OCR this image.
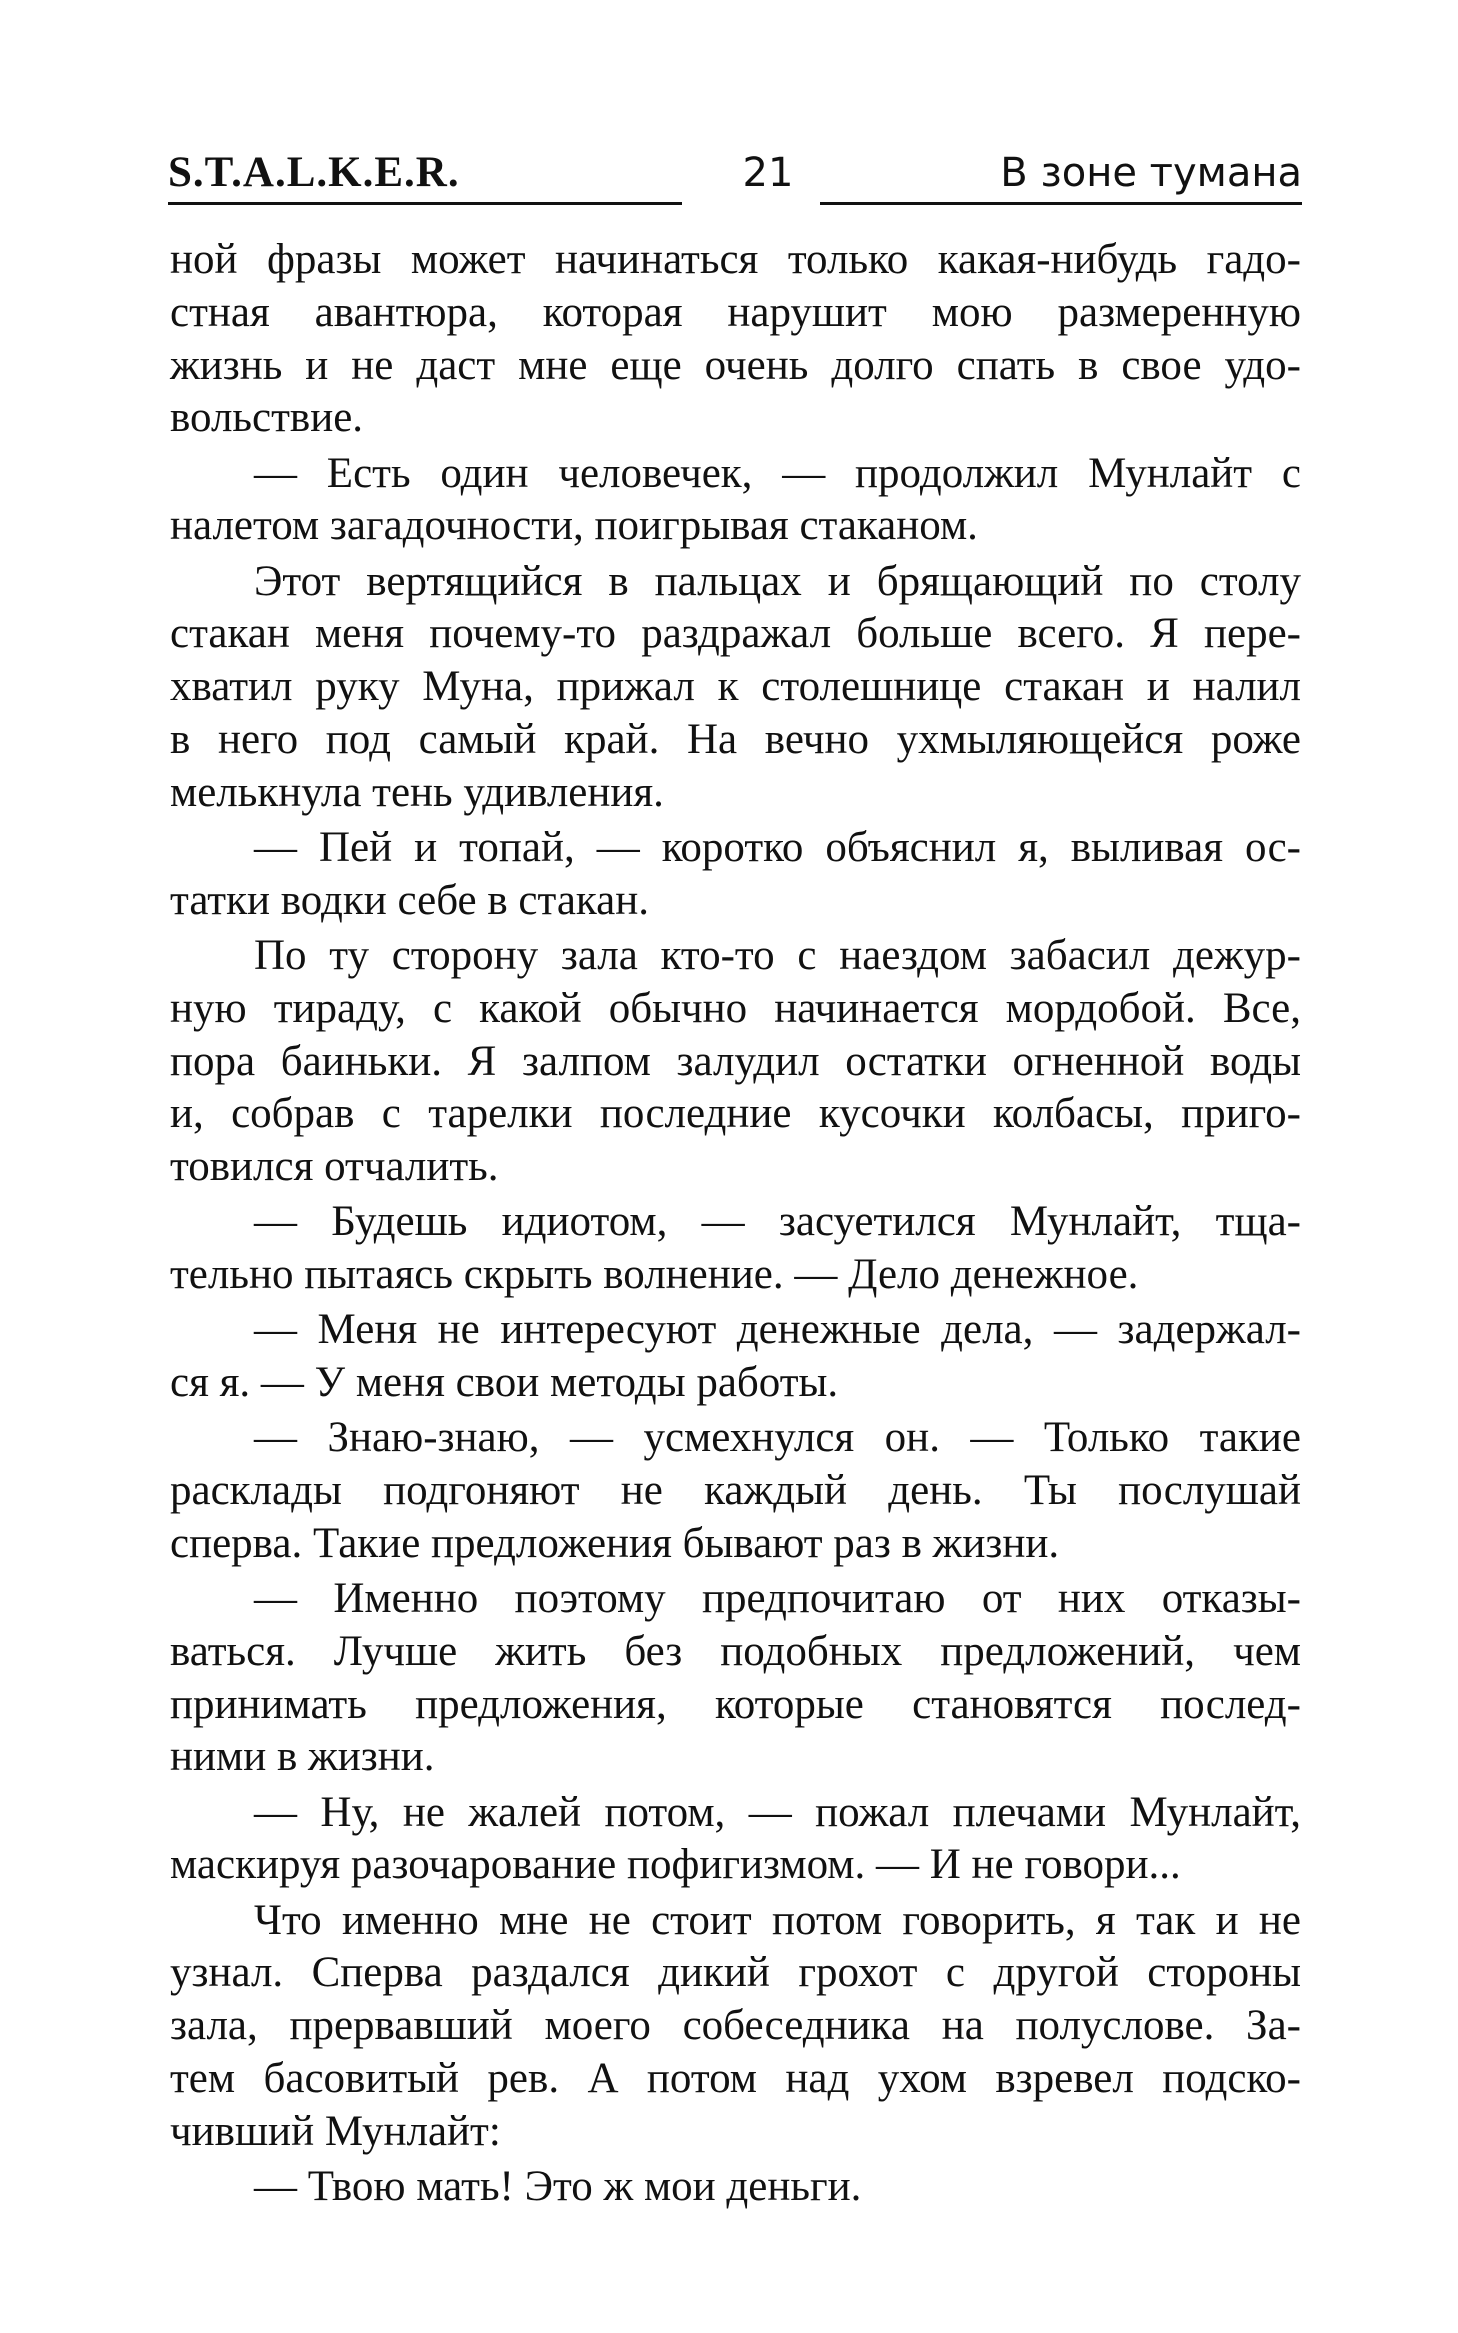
S.T.A.L.K.E.R.	21	В зоне тумана
ной фразы может начинаться только какая-нибудь гадо-
стная авантюра, которая нарушит мою размеренную
жизнь и не даст мне еще очень долго спать в свое удо-
вольствие.
— Есть один человечек, — продолжил Мунлайт с
налетом загадочности, поигрывая стаканом.
Этот вертящийся в пальцах и брящающий по столу
стакан меня почему-то раздражал больше всего. Я пере-
хватил руку Муна, прижал к столешнице стакан и налил
в него под самый край. На вечно ухмыляющейся роже
мелькнула тень удивления.
— Пей и топай, — коротко объяснил я, выливая ос-
татки водки себе в стакан.
По ту сторону зала кто-то с наездом забасил дежур-
ную тираду, с какой обычно начинается мордобой. Все,
пора баиньки. Я залпом залудил остатки огненной воды
и, собрав с тарелки последние кусочки колбасы, приго-
товился отчалить.
— Будешь идиотом, — засуетился Мунлайт, тща-
тельно пытаясь скрыть волнение. — Дело денежное.
— Меня не интересуют денежные дела, — задержал-
ся я. — У меня свои методы работы.
— Знаю-знаю, — усмехнулся он. — Только такие
расклады подгоняют не каждый день. Ты послушай
сперва. Такие предложения бывают раз в жизни.
— Именно поэтому предпочитаю от них отказы-
ваться. Лучше жить без подобных предложений, чем
принимать предложения, которые становятся послед-
ними в жизни.
— Ну, не жалей потом, — пожал плечами Мунлайт,
маскируя разочарование пофигизмом. — И не говори...
Что именно мне не стоит потом говорить, я так и не
узнал. Сперва раздался дикий грохот с другой стороны
зала, прервавший моего собеседника на полуслове. За-
тем басовитый рев. А потом над ухом взревел подско-
чивший Мунлайт:
— Твою мать! Это ж мои деньги.
